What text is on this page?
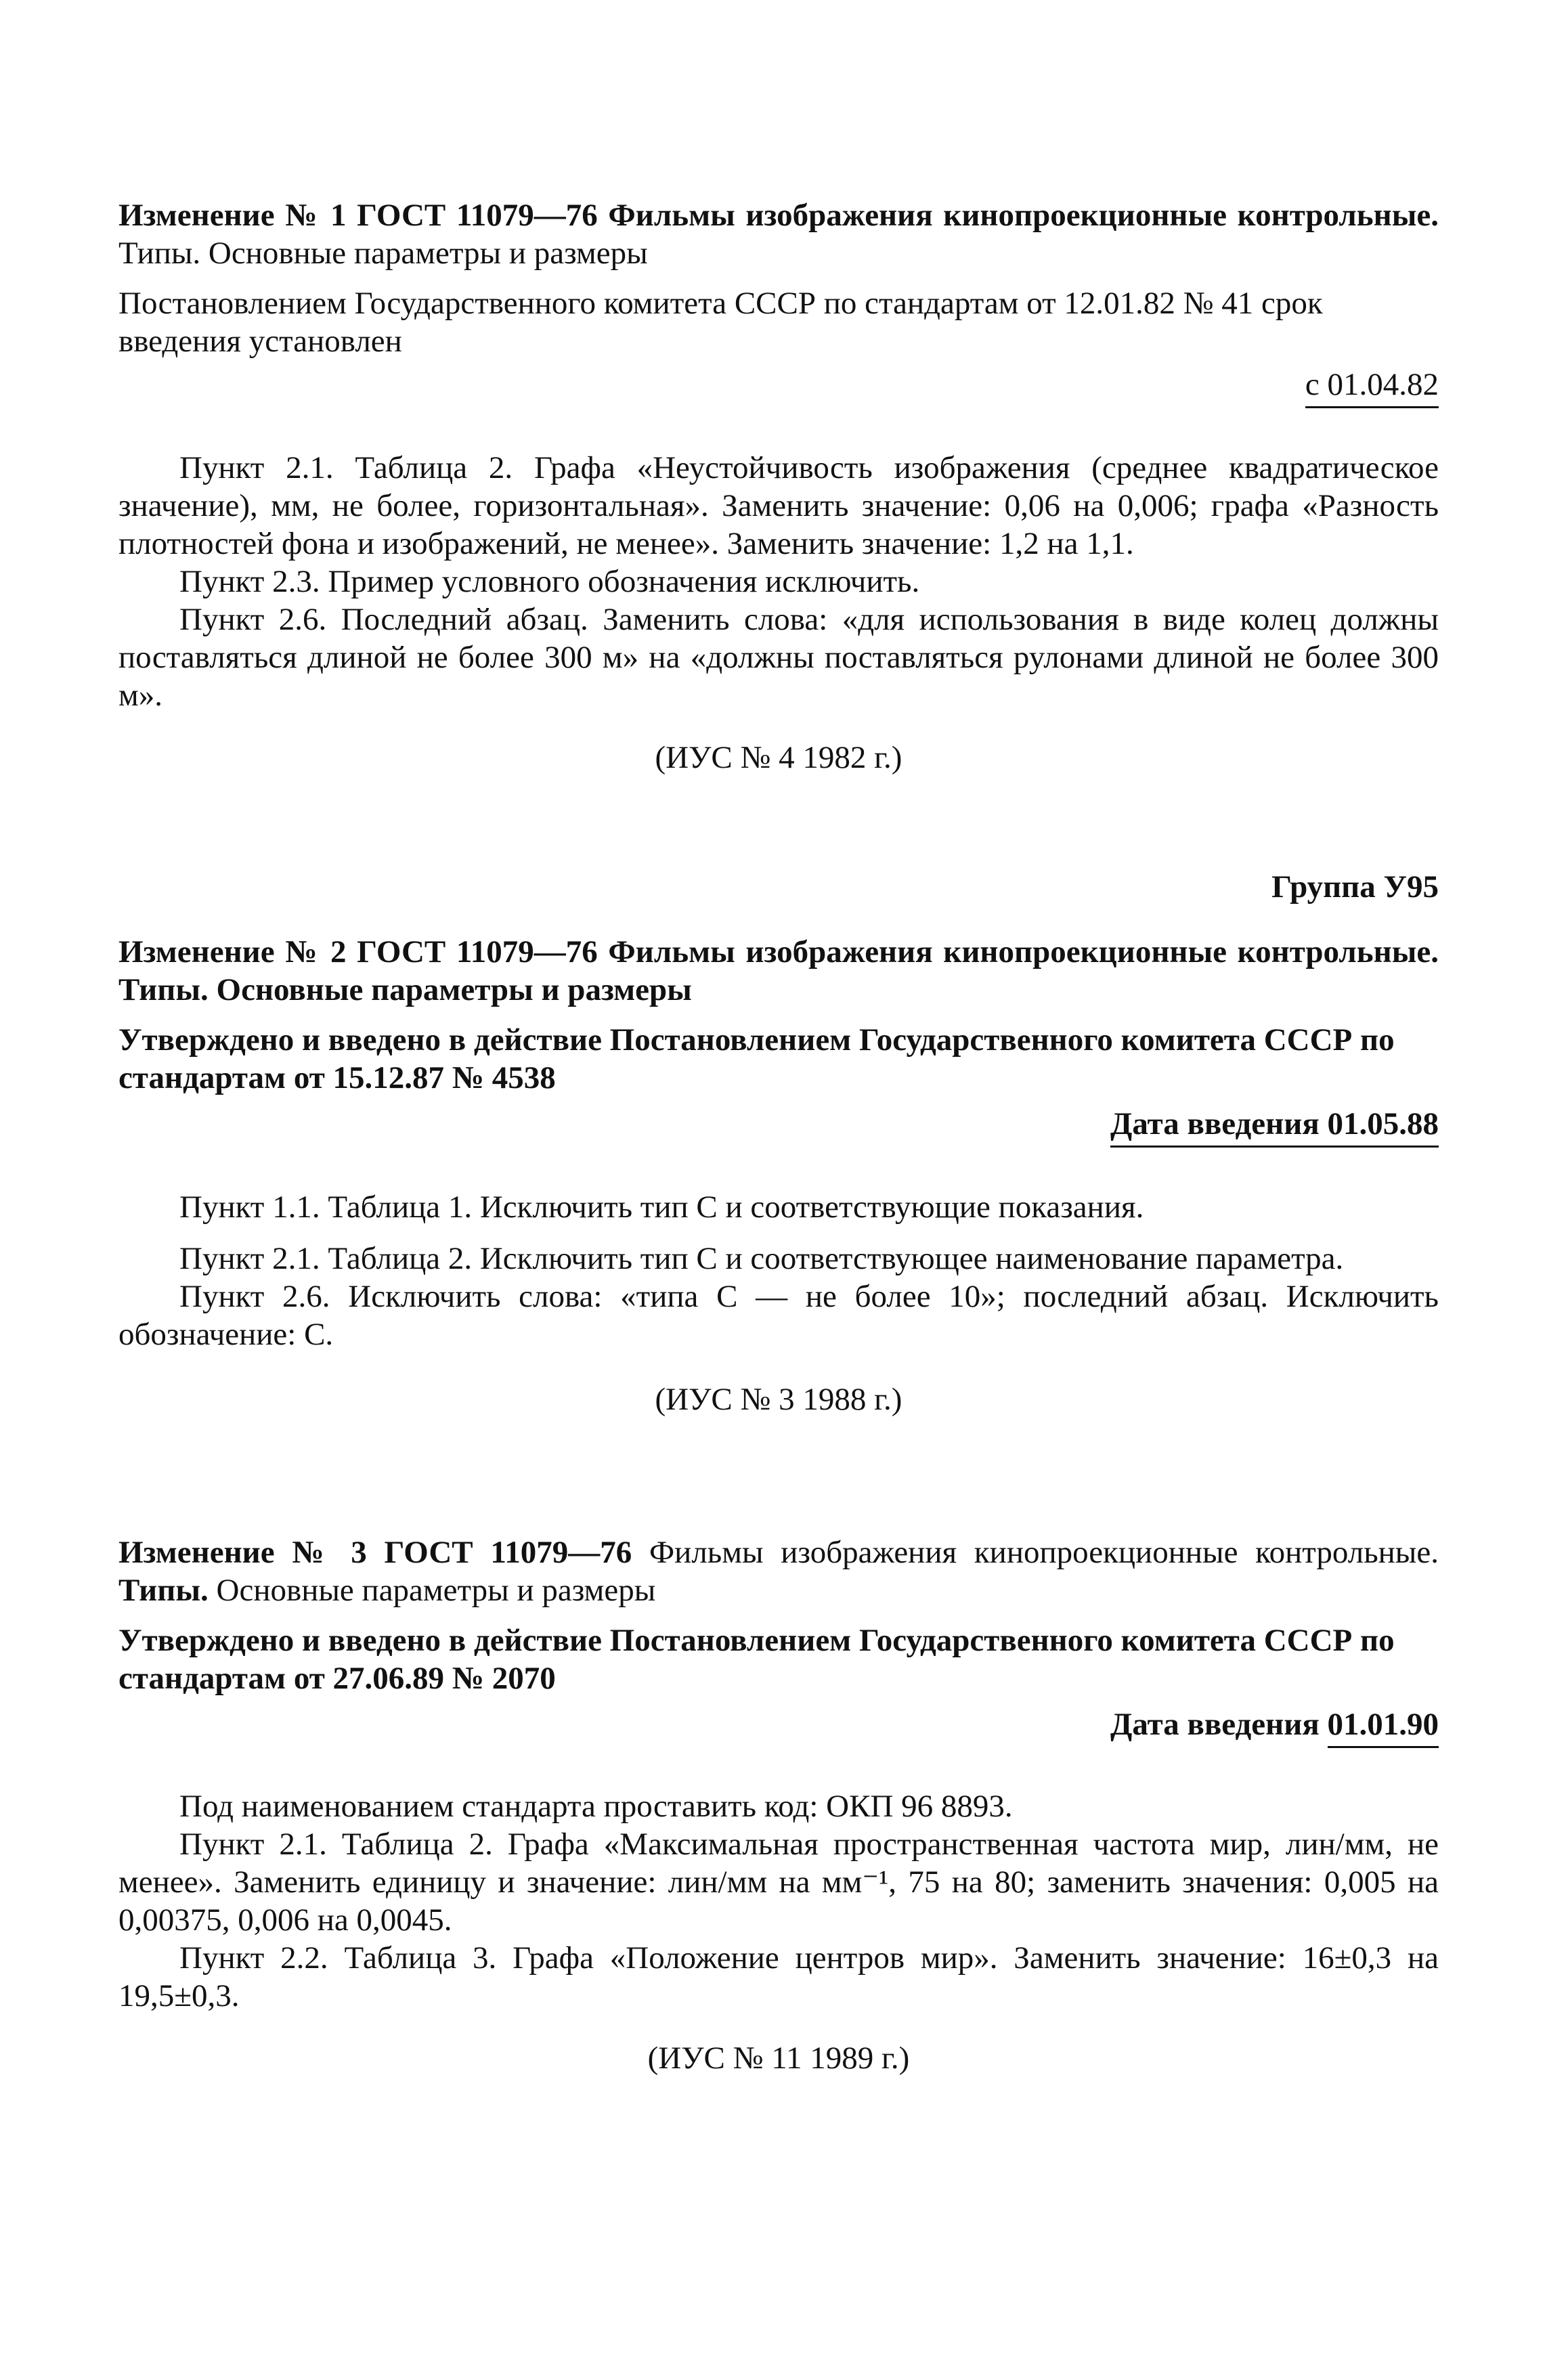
Изменение № 1 ГОСТ 11079—76 Фильмы изображения кинопроекционные контрольные. Типы. Основные параметры и размеры

Постановлением Государственного комитета СССР по стандартам от 12.01.82 № 41 срок введения установлен

с 01.04.82

Пункт 2.1. Таблица 2. Графа «Неустойчивость изображения (среднее квадратическое значение), мм, не более, горизонтальная». Заменить значение: 0,06 на 0,006; графа «Разность плотностей фона и изображений, не менее». Заменить значение: 1,2 на 1,1.

Пункт 2.3. Пример условного обозначения исключить.

Пункт 2.6. Последний абзац. Заменить слова: «для использования в виде колец должны поставляться длиной не более 300 м» на «должны поставляться рулонами длиной не более 300 м».

(ИУС № 4 1982 г.)

Группа У95

Изменение № 2 ГОСТ 11079—76 Фильмы изображения кинопроекционные контрольные. Типы. Основные параметры и размеры

Утверждено и введено в действие Постановлением Государственного комитета СССР по стандартам от 15.12.87 № 4538

Дата введения 01.05.88

Пункт 1.1. Таблица 1. Исключить тип С и соответствующие показания.

Пункт 2.1. Таблица 2. Исключить тип С и соответствующее наименование параметра.

Пункт 2.6. Исключить слова: «типа С — не более 10»; последний абзац. Исключить обозначение: С.

(ИУС № 3 1988 г.)

Изменение № 3 ГОСТ 11079—76 Фильмы изображения кинопроекционные контрольные. Типы. Основные параметры и размеры

Утверждено и введено в действие Постановлением Государственного комитета СССР по стандартам от 27.06.89 № 2070

Дата введения 01.01.90

Под наименованием стандарта проставить код: ОКП 96 8893.

Пункт 2.1. Таблица 2. Графа «Максимальная пространственная частота мир, лин/мм, не менее». Заменить единицу и значение: лин/мм на мм⁻¹, 75 на 80; заменить значения: 0,005 на 0,00375, 0,006 на 0,0045.

Пункт 2.2. Таблица 3. Графа «Положение центров мир». Заменить значение: 16±0,3 на 19,5±0,3.

(ИУС № 11 1989 г.)
